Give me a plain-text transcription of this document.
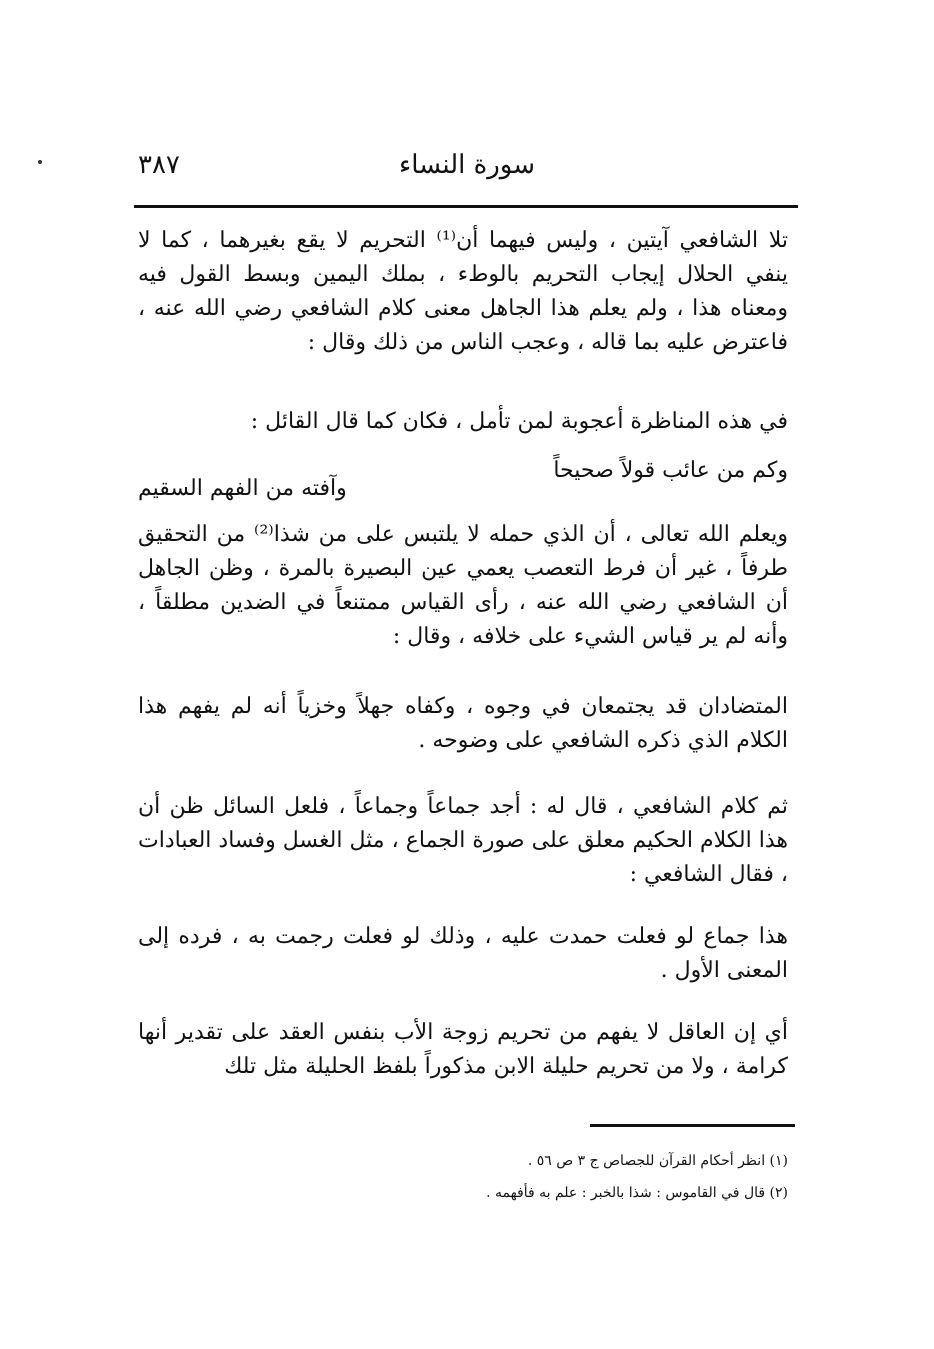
سورة النساء
٣٨٧
تلا الشافعي آيتين ، وليس فيهما أن⁽¹⁾ التحريم لا يقع بغيرهما ، كما لا ينفي الحلال إيجاب التحريم بالوطء ، بملك اليمين وبسط القول فيه ومعناه هذا ، ولم يعلم هذا الجاهل معنى كلام الشافعي رضي الله عنه ، فاعترض عليه بما قاله ، وعجب الناس من ذلك وقال :
في هذه المناظرة أعجوبة لمن تأمل ، فكان كما قال القائل :
وكم من عائب قولاً صحيحاً
وآفته من الفهم السقيم
ويعلم الله تعالى ، أن الذي حمله لا يلتبس على من شذا⁽²⁾ من التحقيق طرفاً ، غير أن فرط التعصب يعمي عين البصيرة بالمرة ، وظن الجاهل أن الشافعي رضي الله عنه ، رأى القياس ممتنعاً في الضدين مطلقاً ، وأنه لم ير قياس الشيء على خلافه ، وقال :
المتضادان قد يجتمعان في وجوه ، وكفاه جهلاً وخزياً أنه لم يفهم هذا الكلام الذي ذكره الشافعي على وضوحه .
ثم كلام الشافعي ، قال له : أجد جماعاً وجماعاً ، فلعل السائل ظن أن هذا الكلام الحكيم معلق على صورة الجماع ، مثل الغسل وفساد العبادات ، فقال الشافعي :
هذا جماع لو فعلت حمدت عليه ، وذلك لو فعلت رجمت به ، فرده إلى المعنى الأول .
أي إن العاقل لا يفهم من تحريم زوجة الأب بنفس العقد على تقدير أنها كرامة ، ولا من تحريم حليلة الابن مذكوراً بلفظ الحليلة مثل تلك
(١) انظر أحكام القرآن للجصاص ج ٣ ص ٥٦ .
(٢) قال في القاموس : شذا بالخبر : علم به فأفهمه .
